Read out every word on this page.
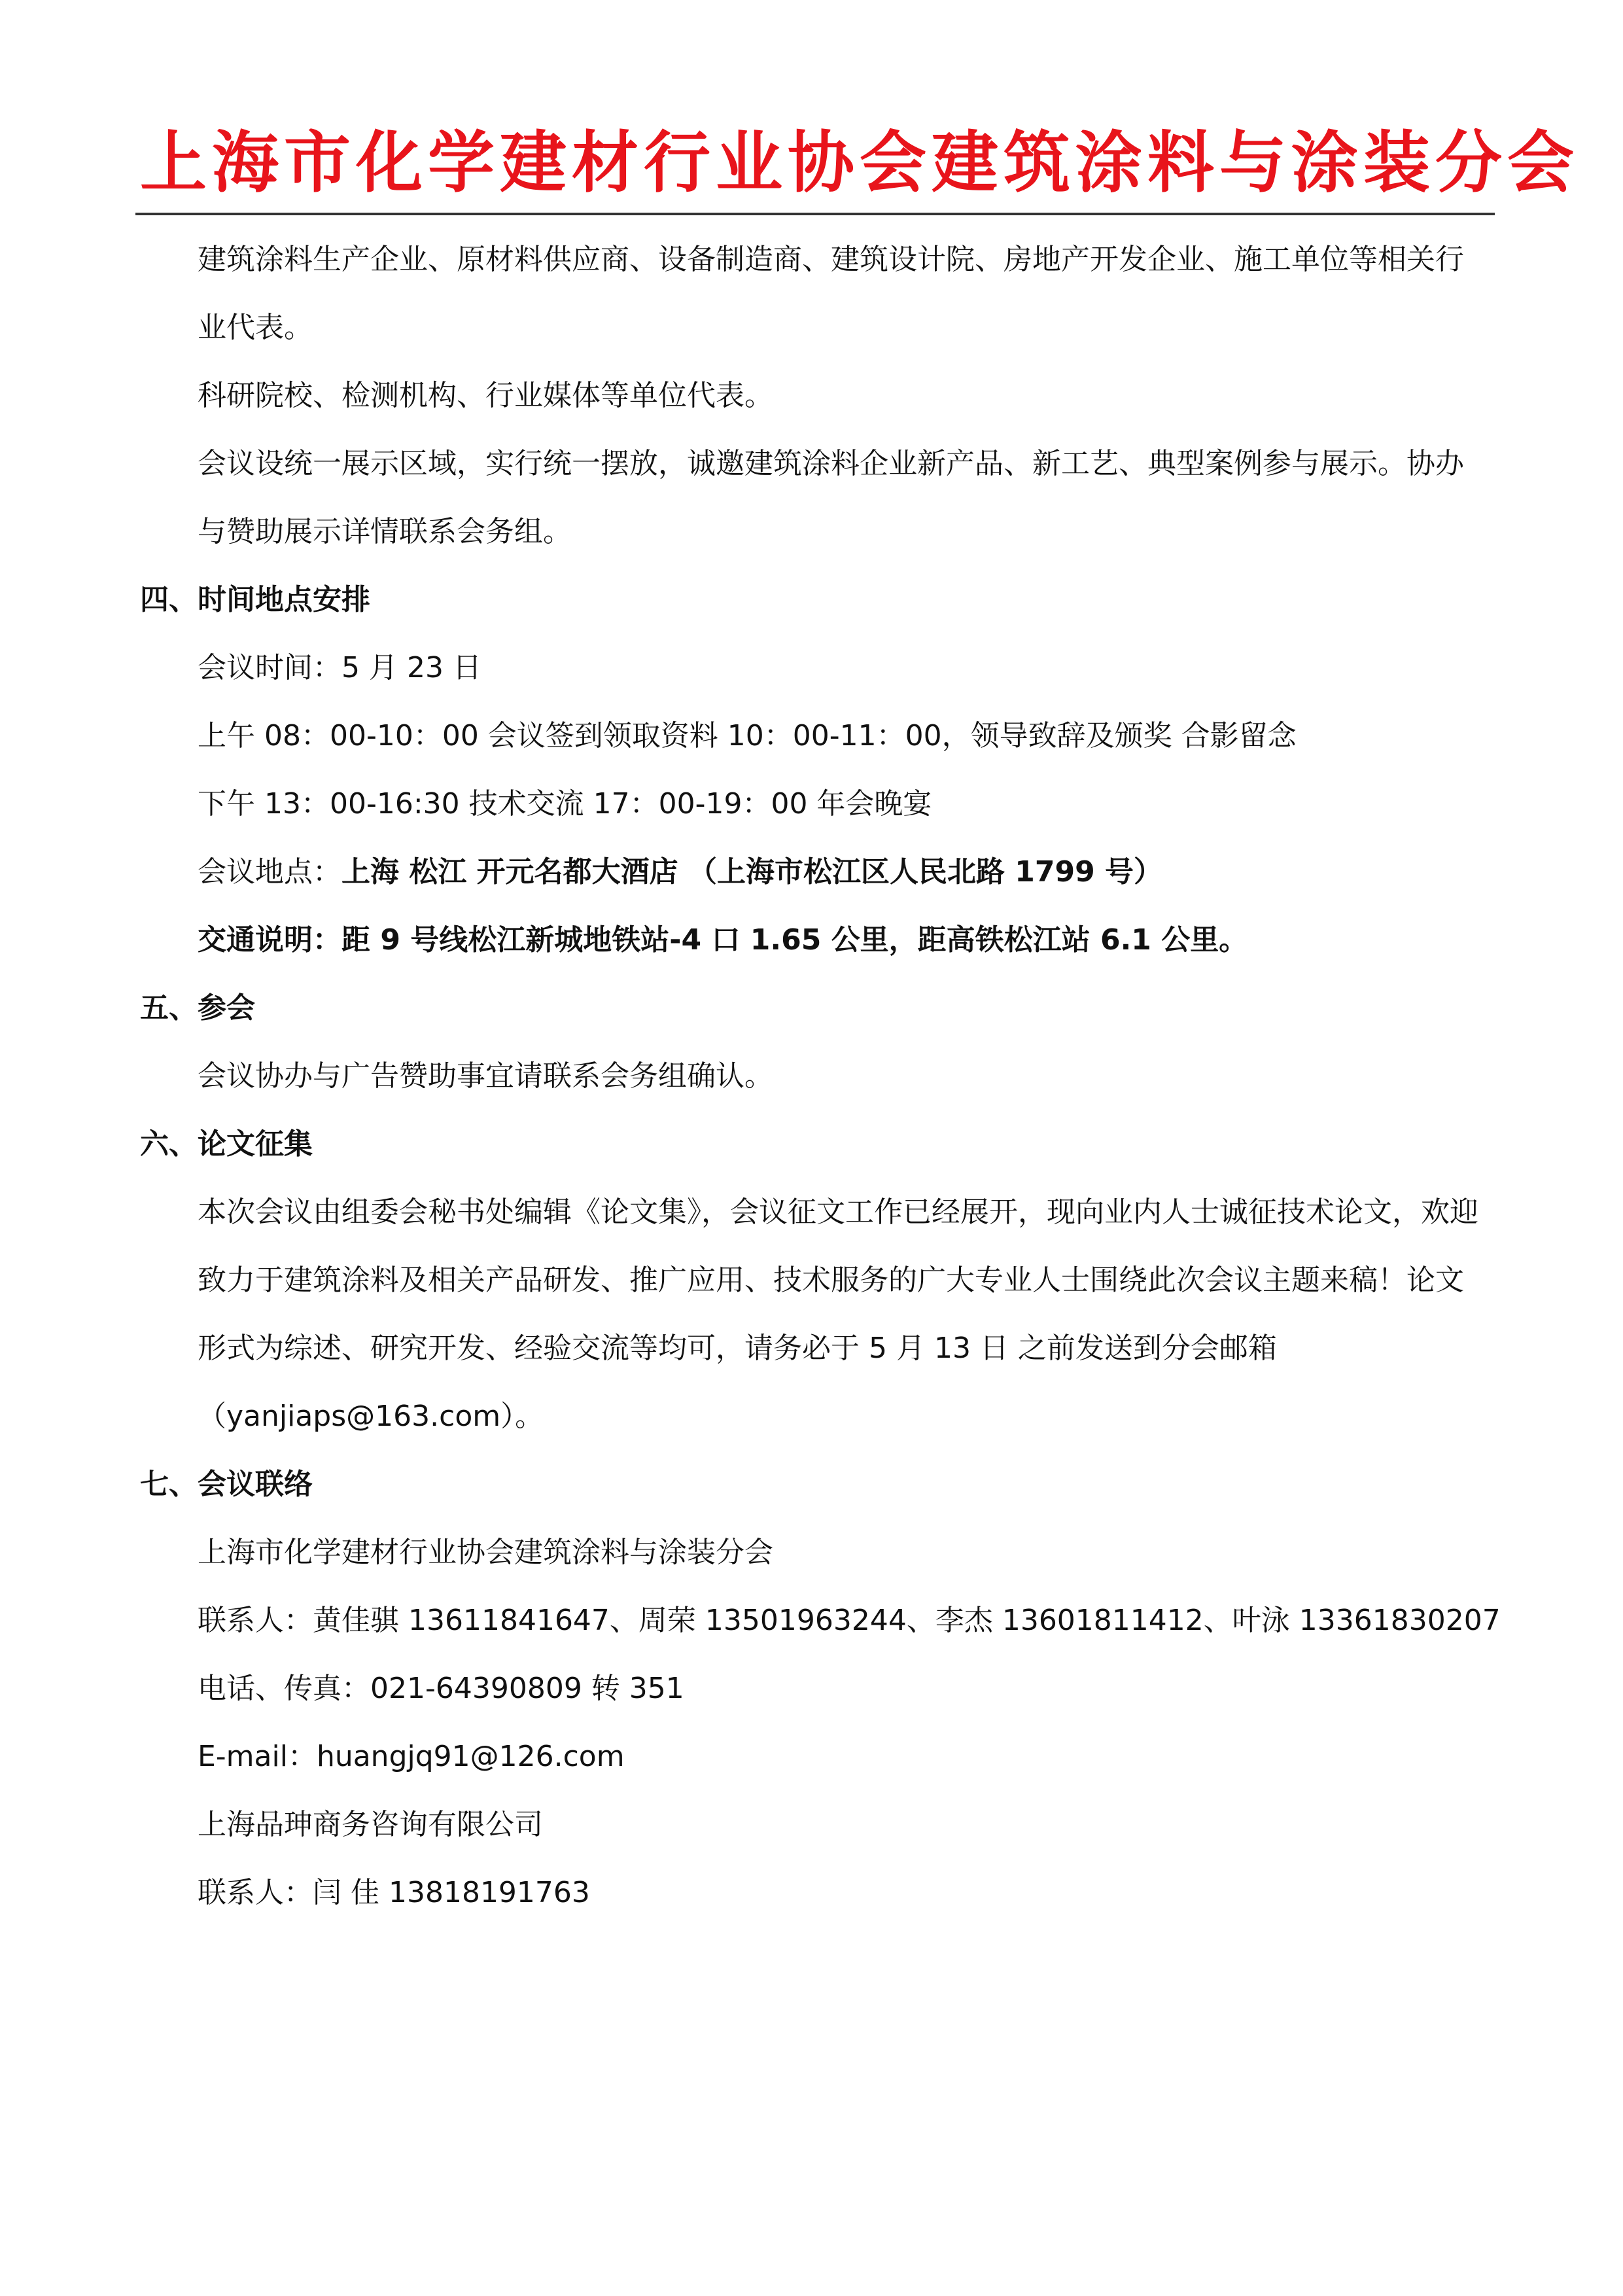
上海市化学建材行业协会建筑涂料与涂装分会

建筑涂料生产企业、原材料供应商、设备制造商、建筑设计院、房地产开发企业、施工单位等相关行业代表。

科研院校、检测机构、行业媒体等单位代表。

会议设统一展示区域，实行统一摆放，诚邀建筑涂料企业新产品、新工艺、典型案例参与展示。协办与赞助展示详情联系会务组。

四、时间地点安排

会议时间：5 月 23 日

上午 08：00-10：00 会议签到领取资料 10：00-11：00，领导致辞及颁奖 合影留念

下午 13：00-16:30 技术交流 17：00-19：00 年会晚宴

会议地点：上海 松江 开元名都大酒店 （上海市松江区人民北路 1799 号）

交通说明：距 9 号线松江新城地铁站-4 口 1.65 公里，距高铁松江站 6.1 公里。

五、参会

会议协办与广告赞助事宜请联系会务组确认。

六、论文征集

本次会议由组委会秘书处编辑《论文集》，会议征文工作已经展开，现向业内人士诚征技术论文，欢迎致力于建筑涂料及相关产品研发、推广应用、技术服务的广大专业人士围绕此次会议主题来稿！论文形式为综述、研究开发、经验交流等均可，请务必于 5 月 13 日 之前发送到分会邮箱（yanjiaps@163.com）。

七、会议联络

上海市化学建材行业协会建筑涂料与涂装分会

联系人：黄佳骐 13611841647、周荣 13501963244、李杰 13601811412、叶泳 13361830207

电话、传真：021-64390809 转 351

E-mail：huangjq91@126.com

上海品珅商务咨询有限公司

联系人：闫 佳 13818191763
